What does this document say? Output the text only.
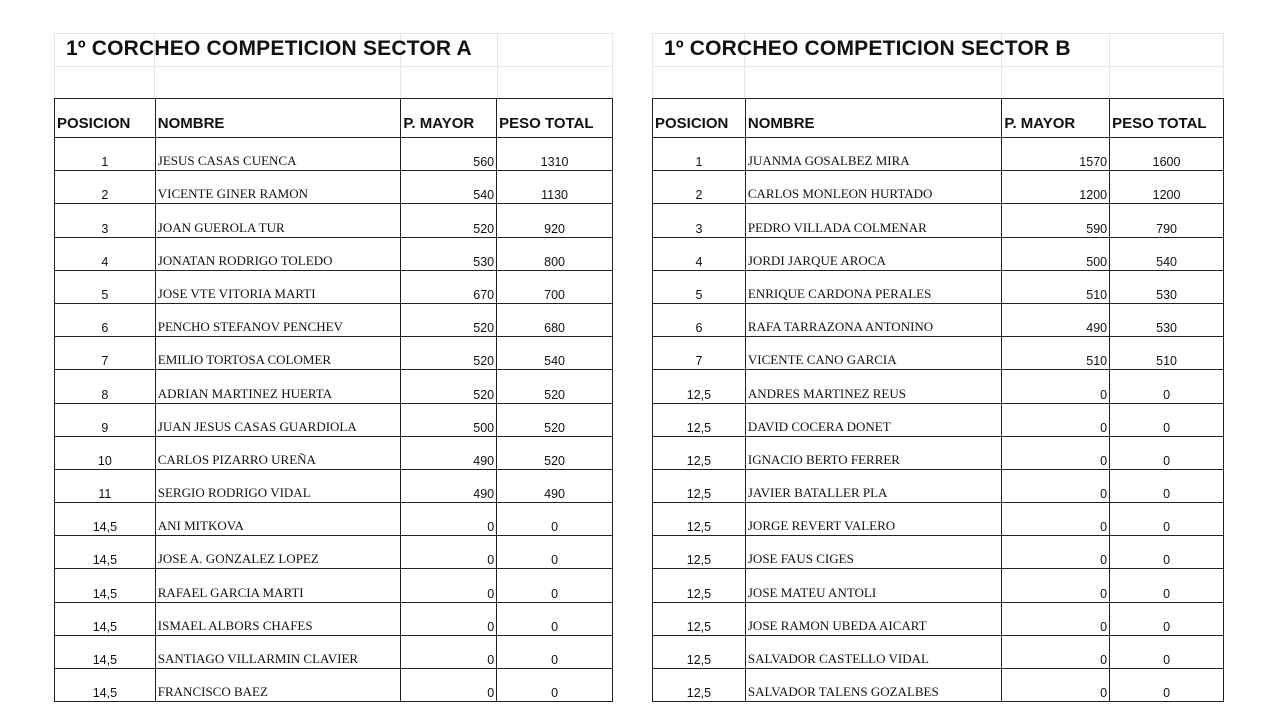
1º CORCHEO COMPETICION SECTOR A
POSICION	NOMBRE	P. MAYOR	PESO TOTAL
1	JESUS CASAS CUENCA	560	1310
2	VICENTE GINER RAMON	540	1130
3	JOAN GUEROLA TUR	520	920
4	JONATAN RODRIGO TOLEDO	530	800
5	JOSE VTE VITORIA MARTI	670	700
6	PENCHO STEFANOV PENCHEV	520	680
7	EMILIO TORTOSA COLOMER	520	540
8	ADRIAN MARTINEZ HUERTA	520	520
9	JUAN JESUS CASAS GUARDIOLA	500	520
10	CARLOS PIZARRO UREÑA	490	520
11	SERGIO RODRIGO VIDAL	490	490
14,5	ANI MITKOVA	0	0
14,5	JOSE A. GONZALEZ LOPEZ	0	0
14,5	RAFAEL GARCIA MARTI	0	0
14,5	ISMAEL ALBORS CHAFES	0	0
14,5	SANTIAGO VILLARMIN CLAVIER	0	0
14,5	FRANCISCO BAEZ	0	0
1º CORCHEO COMPETICION SECTOR B
POSICION	NOMBRE	P. MAYOR	PESO TOTAL
1	JUANMA GOSALBEZ MIRA	1570	1600
2	CARLOS MONLEON HURTADO	1200	1200
3	PEDRO VILLADA COLMENAR	590	790
4	JORDI JARQUE AROCA	500	540
5	ENRIQUE CARDONA PERALES	510	530
6	RAFA TARRAZONA ANTONINO	490	530
7	VICENTE CANO GARCIA	510	510
12,5	ANDRES MARTINEZ REUS	0	0
12,5	DAVID COCERA DONET	0	0
12,5	IGNACIO BERTO FERRER	0	0
12,5	JAVIER BATALLER PLA	0	0
12,5	JORGE REVERT VALERO	0	0
12,5	JOSE FAUS CIGES	0	0
12,5	JOSE MATEU ANTOLI	0	0
12,5	JOSE RAMON UBEDA AICART	0	0
12,5	SALVADOR CASTELLO VIDAL	0	0
12,5	SALVADOR TALENS GOZALBES	0	0
